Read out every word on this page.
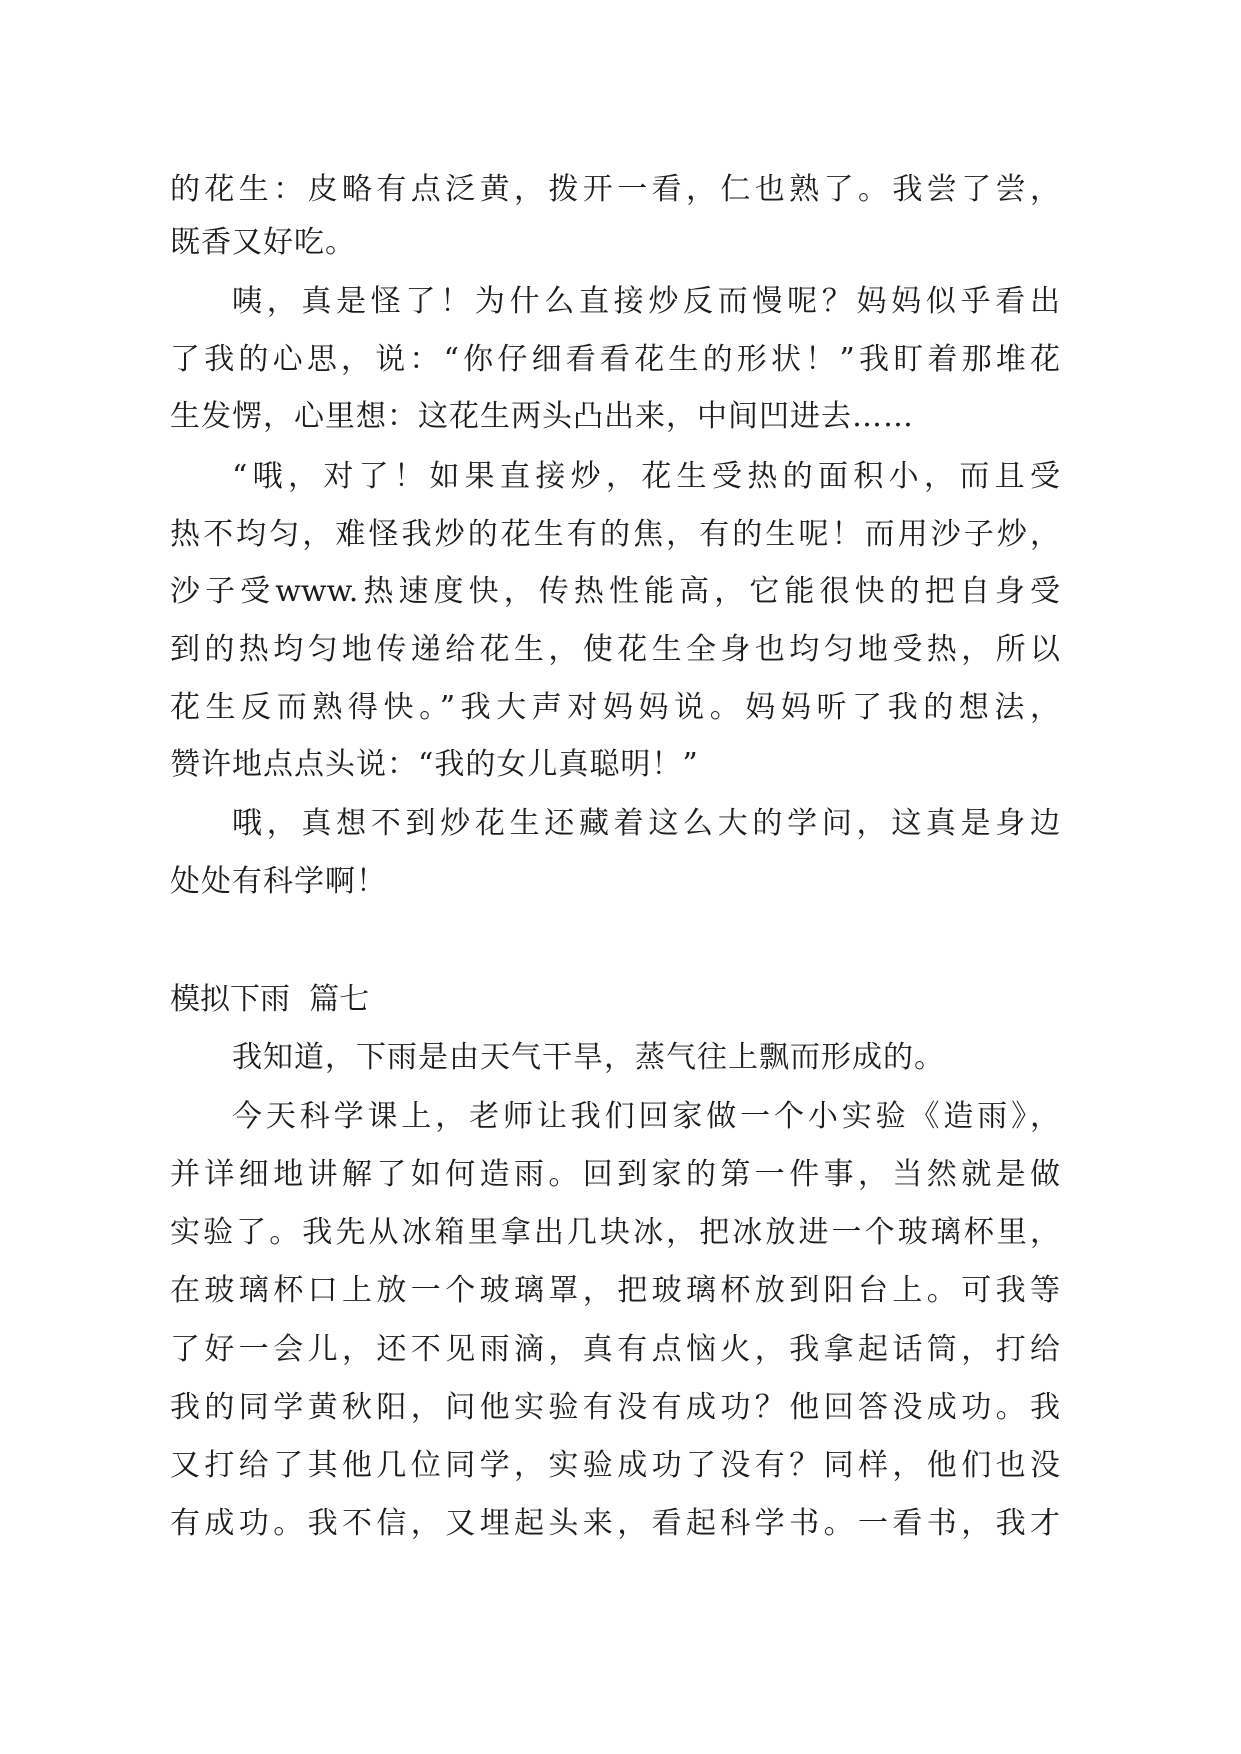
的花生：皮略有点泛黄，拨开一看，仁也熟了。我尝了尝，
既香又好吃。
咦，真是怪了！为什么直接炒反而慢呢？妈妈似乎看出
了我的心思，说：“你仔细看看花生的形状！”我盯着那堆花
生发愣，心里想：这花生两头凸出来，中间凹进去……
“哦，对了！如果直接炒，花生受热的面积小，而且受
热不均匀，难怪我炒的花生有的焦，有的生呢！而用沙子炒，
沙子受www.热速度快，传热性能高，它能很快的把自身受
到的热均匀地传递给花生，使花生全身也均匀地受热，所以
花生反而熟得快。”我大声对妈妈说。妈妈听了我的想法，
赞许地点点头说：“我的女儿真聪明！”
哦，真想不到炒花生还藏着这么大的学问，这真是身边
处处有科学啊！
模拟下雨  篇七
我知道，下雨是由天气干旱，蒸气往上飘而形成的。
今天科学课上，老师让我们回家做一个小实验《造雨》，
并详细地讲解了如何造雨。回到家的第一件事，当然就是做
实验了。我先从冰箱里拿出几块冰，把冰放进一个玻璃杯里，
在玻璃杯口上放一个玻璃罩，把玻璃杯放到阳台上。可我等
了好一会儿，还不见雨滴，真有点恼火，我拿起话筒，打给
我的同学黄秋阳，问他实验有没有成功？他回答没成功。我
又打给了其他几位同学，实验成功了没有？同样，他们也没
有成功。我不信，又埋起头来，看起科学书。一看书，我才
